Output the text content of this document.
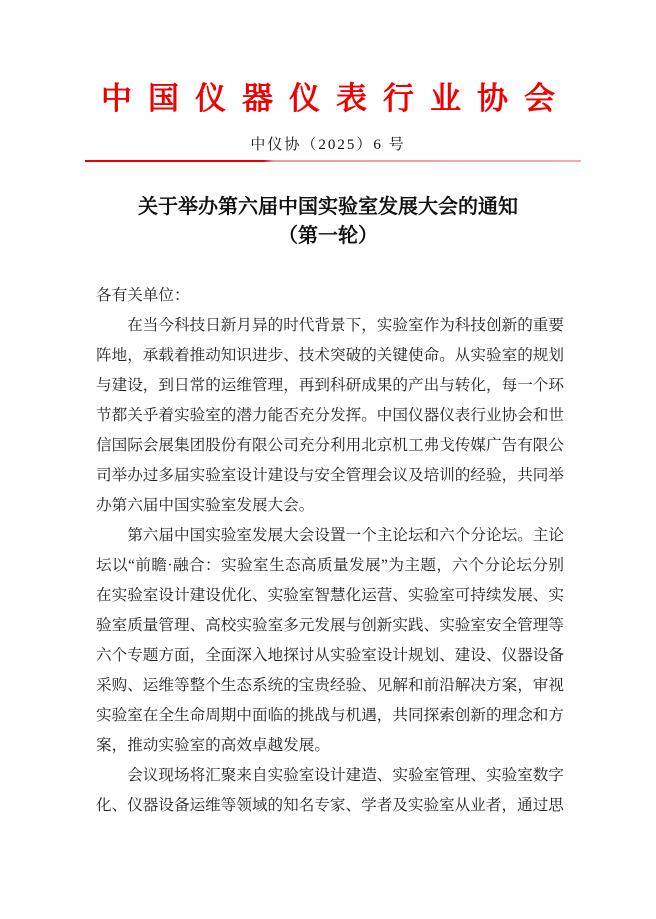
中国仪器仪表行业协会
中仪协（2025）6 号
关于举办第六届中国实验室发展大会的通知
（第一轮）

各有关单位：

在当今科技日新月异的时代背景下，实验室作为科技创新的重要阵地，承载着推动知识进步、技术突破的关键使命。从实验室的规划与建设，到日常的运维管理，再到科研成果的产出与转化，每一个环节都关乎着实验室的潜力能否充分发挥。中国仪器仪表行业协会和世信国际会展集团股份有限公司充分利用北京机工弗戈传媒广告有限公司举办过多届实验室设计建设与安全管理会议及培训的经验，共同举办第六届中国实验室发展大会。

第六届中国实验室发展大会设置一个主论坛和六个分论坛。主论坛以“前瞻·融合：实验室生态高质量发展”为主题，六个分论坛分别在实验室设计建设优化、实验室智慧化运营、实验室可持续发展、实验室质量管理、高校实验室多元发展与创新实践、实验室安全管理等六个专题方面，全面深入地探讨从实验室设计规划、建设、仪器设备采购、运维等整个生态系统的宝贵经验、见解和前沿解决方案，审视实验室在全生命周期中面临的挑战与机遇，共同探索创新的理念和方案，推动实验室的高效卓越发展。

会议现场将汇聚来自实验室设计建造、实验室管理、实验室数字化、仪器设备运维等领域的知名专家、学者及实验室从业者，通过思
